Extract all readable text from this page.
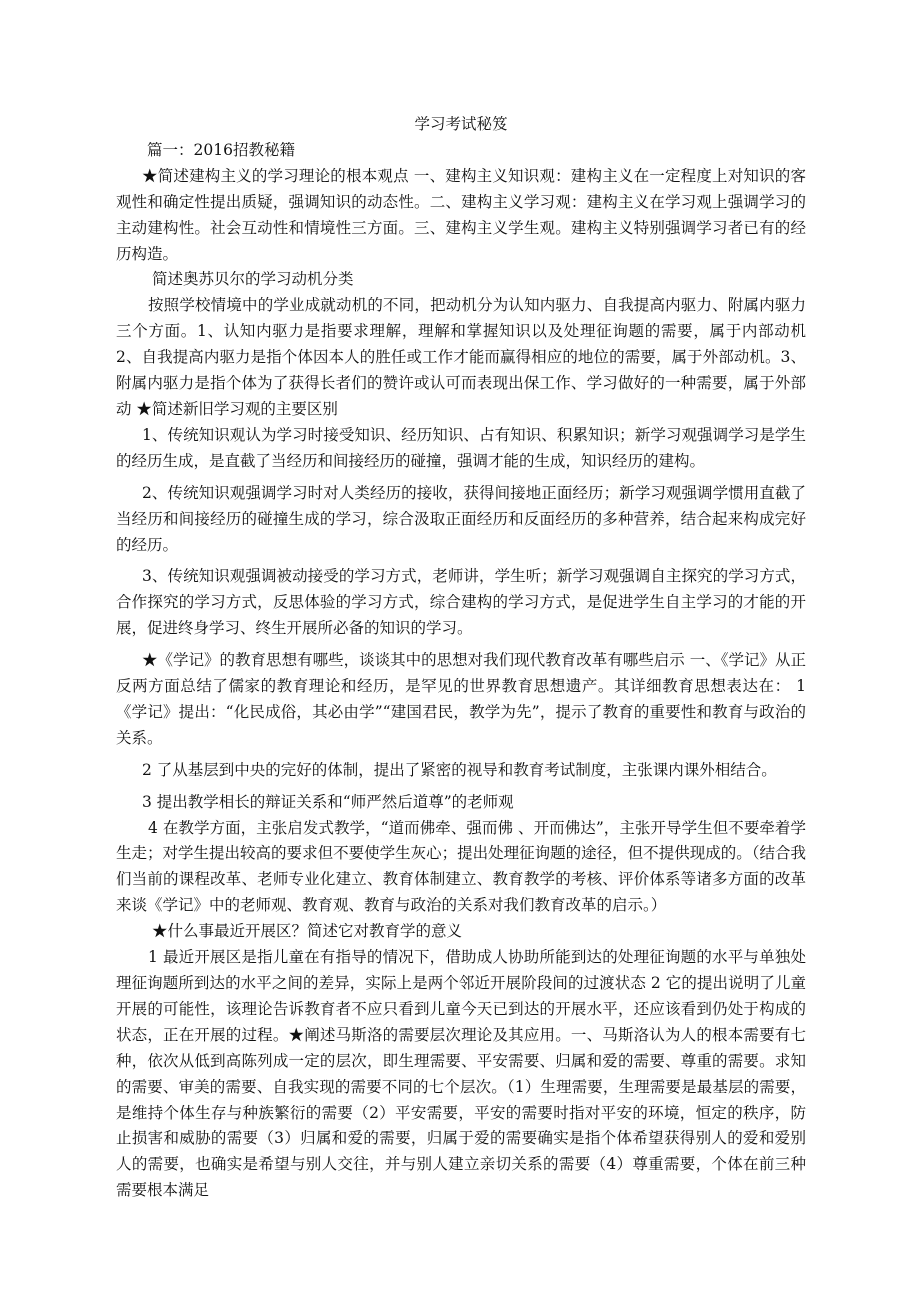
学习考试秘笈

篇一：2016招教秘籍

★简述建构主义的学习理论的根本观点 一、建构主义知识观：建构主义在一定程度上对知识的客观性和确定性提出质疑，强调知识的动态性。二、建构主义学习观：建构主义在学习观上强调学习的主动建构性。社会互动性和情境性三方面。三、建构主义学生观。建构主义特别强调学习者已有的经历构造。

简述奥苏贝尔的学习动机分类

按照学校情境中的学业成就动机的不同，把动机分为认知内驱力、自我提高内驱力、附属内驱力三个方面。1、认知内驱力是指要求理解，理解和掌握知识以及处理征询题的需要，属于内部动机 2、自我提高内驱力是指个体因本人的胜任或工作才能而赢得相应的地位的需要，属于外部动机。3、附属内驱力是指个体为了获得长者们的赞许或认可而表现出保工作、学习做好的一种需要，属于外部动 ★简述新旧学习观的主要区别

1、传统知识观认为学习时接受知识、经历知识、占有知识、积累知识；新学习观强调学习是学生的经历生成，是直截了当经历和间接经历的碰撞，强调才能的生成，知识经历的建构。

2、传统知识观强调学习时对人类经历的接收，获得间接地正面经历；新学习观强调学惯用直截了当经历和间接经历的碰撞生成的学习，综合汲取正面经历和反面经历的多种营养，结合起来构成完好的经历。

3、传统知识观强调被动接受的学习方式，老师讲，学生听；新学习观强调自主探究的学习方式，合作探究的学习方式，反思体验的学习方式，综合建构的学习方式，是促进学生自主学习的才能的开展，促进终身学习、终生开展所必备的知识的学习。

★《学记》的教育思想有哪些，谈谈其中的思想对我们现代教育改革有哪些启示 一、《学记》从正反两方面总结了儒家的教育理论和经历，是罕见的世界教育思想遗产。其详细教育思想表达在： 1《学记》提出：“化民成俗，其必由学”“建国君民，教学为先”，提示了教育的重要性和教育与政治的关系。

2 了从基层到中央的完好的体制，提出了紧密的视导和教育考试制度，主张课内课外相结合。

3 提出教学相长的辩证关系和“师严然后道尊”的老师观

4 在教学方面，主张启发式教学，“道而佛牵、强而佛 、开而佛达”，主张开导学生但不要牵着学生走；对学生提出较高的要求但不要使学生灰心；提出处理征询题的途径，但不提供现成的。（结合我们当前的课程改革、老师专业化建立、教育体制建立、教育教学的考核、评价体系等诸多方面的改革来谈《学记》中的老师观、教育观、教育与政治的关系对我们教育改革的启示。）

★什么事最近开展区？简述它对教育学的意义

1 最近开展区是指儿童在有指导的情况下，借助成人协助所能到达的处理征询题的水平与单独处理征询题所到达的水平之间的差异，实际上是两个邻近开展阶段间的过渡状态 2 它的提出说明了儿童开展的可能性，该理论告诉教育者不应只看到儿童今天已到达的开展水平，还应该看到仍处于构成的状态，正在开展的过程。★阐述马斯洛的需要层次理论及其应用。一、马斯洛认为人的根本需要有七种，依次从低到高陈列成一定的层次，即生理需要、平安需要、归属和爱的需要、尊重的需要。求知的需要、审美的需要、自我实现的需要不同的七个层次。（1）生理需要，生理需要是最基层的需要，是维持个体生存与种族繁衍的需要（2）平安需要，平安的需要时指对平安的环境，恒定的秩序，防止损害和威胁的需要（3）归属和爱的需要，归属于爱的需要确实是指个体希望获得别人的爱和爱别人的需要，也确实是希望与别人交往，并与别人建立亲切关系的需要（4）尊重需要，个体在前三种需要根本满足
